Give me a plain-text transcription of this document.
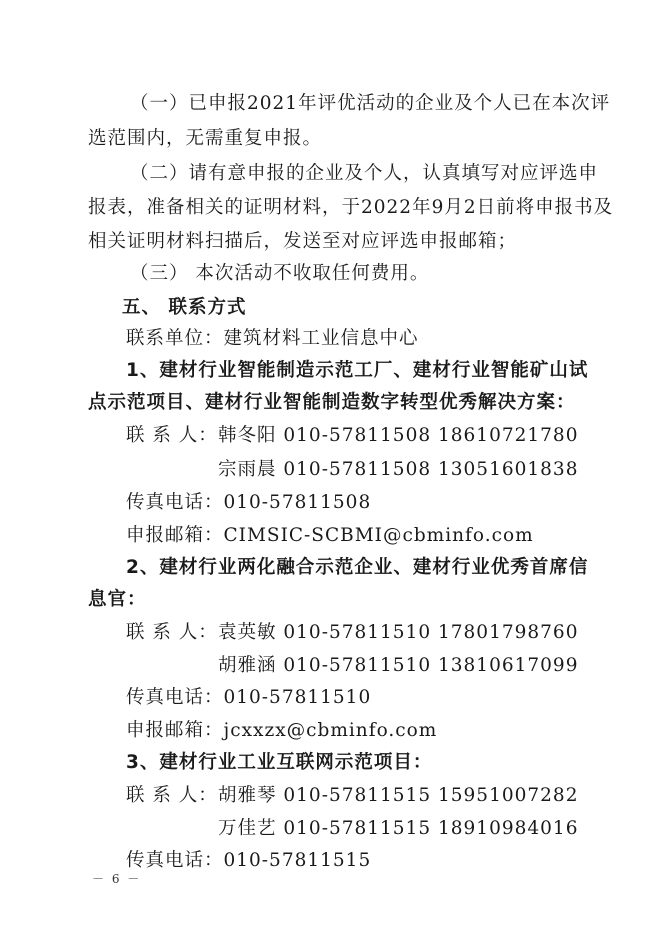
（一）已申报2021年评优活动的企业及个人已在本次评
选范围内，无需重复申报。
（二）请有意申报的企业及个人，认真填写对应评选申
报表，准备相关的证明材料，于2022年9月2日前将申报书及
相关证明材料扫描后，发送至对应评选申报邮箱；
（三） 本次活动不收取任何费用。
五、 联系方式
联系单位：建筑材料工业信息中心
1、建材行业智能制造示范工厂、建材行业智能矿山试
点示范项目、建材行业智能制造数字转型优秀解决方案：
联 系 人： 韩冬阳 010-57811508 18610721780
宗雨晨 010-57811508 13051601838
传真电话：010-57811508
申报邮箱：CIMSIC-SCBMI@cbminfo.com
2、建材行业两化融合示范企业、建材行业优秀首席信
息官：
联 系 人： 袁英敏 010-57811510 17801798760
胡雅涵 010-57811510 13810617099
传真电话：010-57811510
申报邮箱：jcxxzx@cbminfo.com
3、建材行业工业互联网示范项目：
联 系 人： 胡雅琴 010-57811515 15951007282
万佳艺 010-57811515 18910984016
传真电话：010-57811515
－ 6 －
